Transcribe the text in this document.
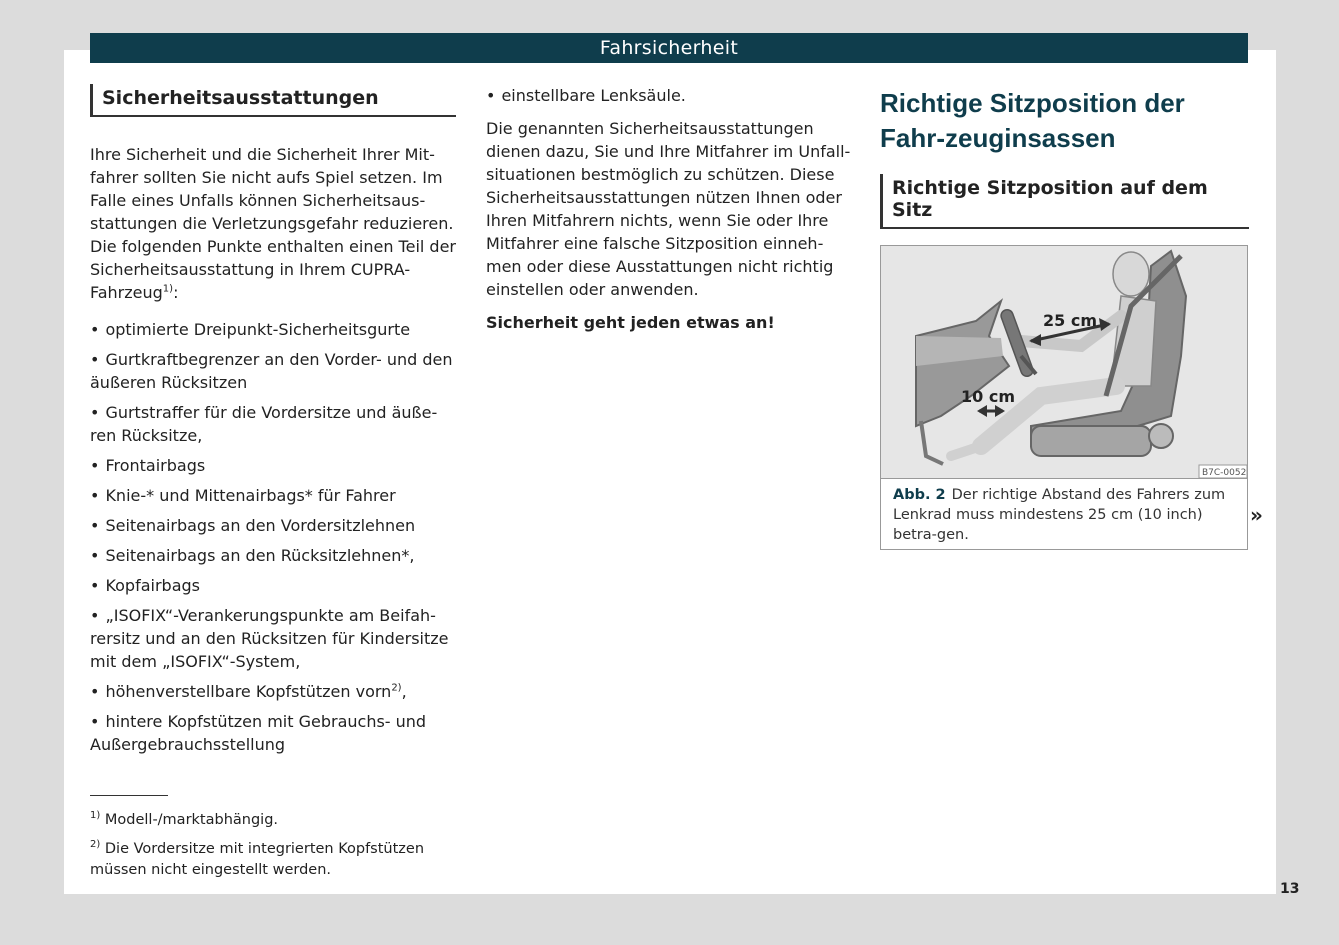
Fahrsicherheit
Sicherheitsausstattungen

Ihre Sicherheit und die Sicherheit Ihrer Mit-fahrer sollten Sie nicht aufs Spiel setzen. Im Falle eines Unfalls können Sicherheitsaus-stattungen die Verletzungsgefahr reduzieren. Die folgenden Punkte enthalten einen Teil der Sicherheitsausstattung in Ihrem CUPRA-Fahrzeug$^{1)}$:

• optimierte Dreipunkt-Sicherheitsgurte
• Gurtkraftbegrenzer an den Vorder- und den äußeren Rücksitzen
• Gurtstraffer für die Vordersitze und äuße-ren Rücksitze,
• Frontairbags
• Knie-* und Mittenairbags* für Fahrer
• Seitenairbags an den Vordersitzlehnen
• Seitenairbags an den Rücksitzlehnen*,
• Kopfairbags
• „ISOFIX“-Verankerungspunkte am Beifah-rersitz und an den Rücksitzen für Kindersitze mit dem „ISOFIX“-System,
• höhenverstellbare Kopfstützen vorn$^{2)}$,
• hintere Kopfstützen mit Gebrauchs- und Außergebrauchsstellung

$^{1)}$ Modell-/marktabhängig.

$^{2)}$ Die Vordersitze mit integrierten Kopfstützen müssen nicht eingestellt werden.

• einstellbare Lenksäule.

Die genannten Sicherheitsausstattungen dienen dazu, Sie und Ihre Mitfahrer im Unfall-situationen bestmöglich zu schützen. Diese Sicherheitsausstattungen nützen Ihnen oder Ihren Mitfahrern nichts, wenn Sie oder Ihre Mitfahrer eine falsche Sitzposition einneh-men oder diese Ausstattungen nicht richtig einstellen oder anwenden.

Sicherheit geht jeden etwas an!

Richtige Sitzposition der Fahr-zeuginsassen
Richtige Sitzposition auf dem Sitz
25 cm
10 cm
B7C-0052
Abb. 2 Der richtige Abstand des Fahrers zum Lenkrad muss mindestens 25 cm (10 inch) betra-gen.
»
13
